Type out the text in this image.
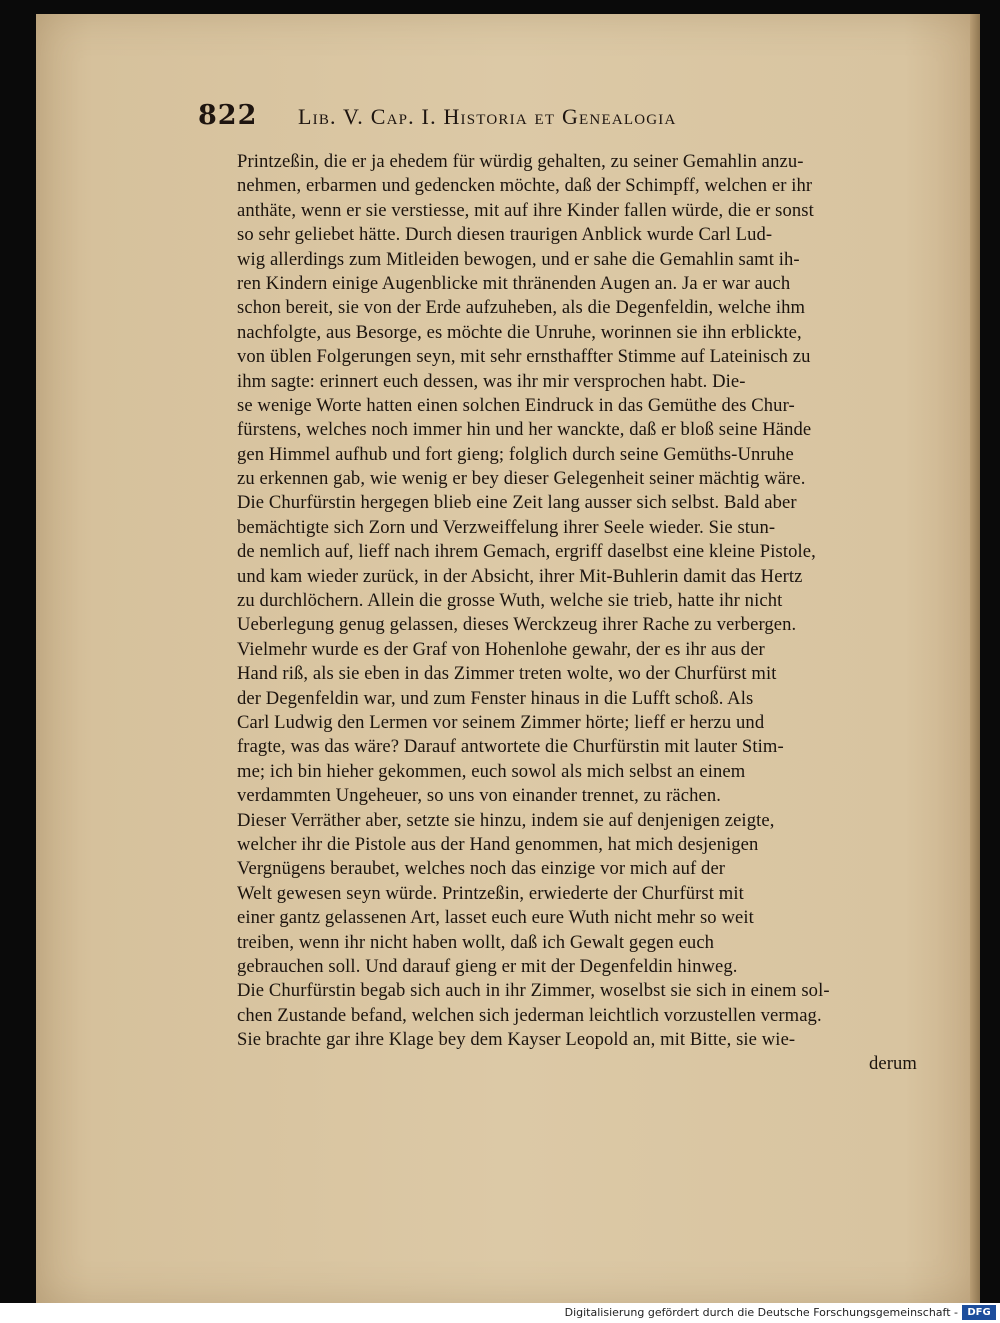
822	Lib. V. Cap. I. Historia et Genealogia
Printzeßin, die er ja ehedem für würdig gehalten, zu seiner Gemahlin anzu-
nehmen, erbarmen und gedencken möchte, daß der Schimpff, welchen er ihr
anthäte, wenn er sie verstiesse, mit auf ihre Kinder fallen würde, die er sonst
so sehr geliebet hätte. Durch diesen traurigen Anblick wurde Carl Lud-
wig allerdings zum Mitleiden bewogen, und er sahe die Gemahlin samt ih-
ren Kindern einige Augenblicke mit thränenden Augen an. Ja er war auch
schon bereit, sie von der Erde aufzuheben, als die Degenfeldin, welche ihm
nachfolgte, aus Besorge, es möchte die Unruhe, worinnen sie ihn erblickte,
von üblen Folgerungen seyn, mit sehr ernsthaffter Stimme auf Lateinisch zu
ihm sagte: erinnert euch dessen, was ihr mir versprochen habt. Die-
se wenige Worte hatten einen solchen Eindruck in das Gemüthe des Chur-
fürstens, welches noch immer hin und her wanckte, daß er bloß seine Hände
gen Himmel aufhub und fort gieng; folglich durch seine Gemüths-Unruhe
zu erkennen gab, wie wenig er bey dieser Gelegenheit seiner mächtig wäre.
Die Churfürstin hergegen blieb eine Zeit lang ausser sich selbst. Bald aber
bemächtigte sich Zorn und Verzweiffelung ihrer Seele wieder. Sie stun-
de nemlich auf, lieff nach ihrem Gemach, ergriff daselbst eine kleine Pistole,
und kam wieder zurück, in der Absicht, ihrer Mit-Buhlerin damit das Hertz
zu durchlöchern. Allein die grosse Wuth, welche sie trieb, hatte ihr nicht
Ueberlegung genug gelassen, dieses Werckzeug ihrer Rache zu verbergen.
Vielmehr wurde es der Graf von Hohenlohe gewahr, der es ihr aus der
Hand riß, als sie eben in das Zimmer treten wolte, wo der Churfürst mit
der Degenfeldin war, und zum Fenster hinaus in die Lufft schoß. Als
Carl Ludwig den Lermen vor seinem Zimmer hörte; lieff er herzu und
fragte, was das wäre? Darauf antwortete die Churfürstin mit lauter Stim-
me; ich bin hieher gekommen, euch sowol als mich selbst an einem
verdammten Ungeheuer, so uns von einander trennet, zu rächen.
Dieser Verräther aber, setzte sie hinzu, indem sie auf denjenigen zeigte,
welcher ihr die Pistole aus der Hand genommen, hat mich desjenigen
Vergnügens beraubet, welches noch das einzige vor mich auf der
Welt gewesen seyn würde. Printzeßin, erwiederte der Churfürst mit
einer gantz gelassenen Art, lasset euch eure Wuth nicht mehr so weit
treiben, wenn ihr nicht haben wollt, daß ich Gewalt gegen euch
gebrauchen soll. Und darauf gieng er mit der Degenfeldin hinweg.
Die Churfürstin begab sich auch in ihr Zimmer, woselbst sie sich in einem sol-
chen Zustande befand, welchen sich jederman leichtlich vorzustellen vermag.
Sie brachte gar ihre Klage bey dem Kayser Leopold an, mit Bitte, sie wie-
derum
Digitalisierung gefördert durch die Deutsche Forschungsgemeinschaft - DFG
